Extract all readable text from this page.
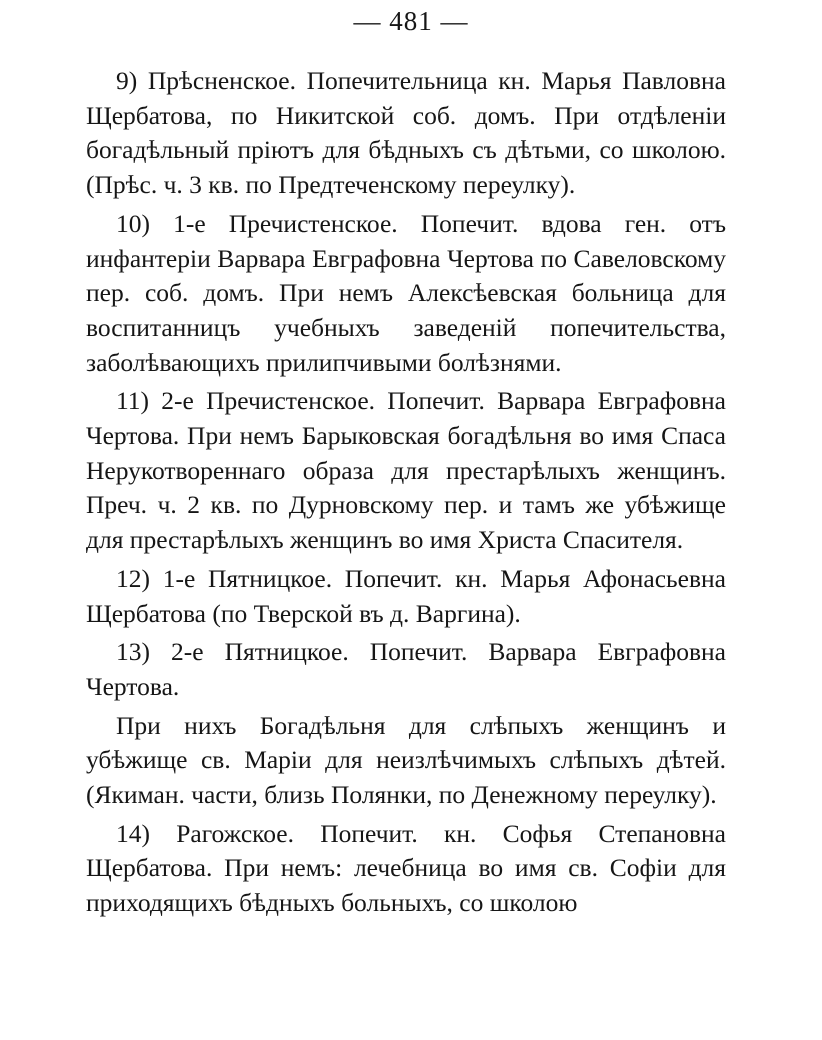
— 481 —

9) Прѣсненское. Попечительница кн. Марья Павловна Щербатова, по Никитской соб. домъ. При отдѣленіи богадѣльный пріютъ для бѣдныхъ съ дѣтьми, со школою. (Прѣс. ч. 3 кв. по Предтеченскому переулку).

10) 1-е Пречистенское. Попечит. вдова ген. отъ инфантеріи Варвара Евграфовна Чертова по Савеловскому пер. соб. домъ. При немъ Алексѣевская больница для воспитанницъ учебныхъ заведеній попечительства, заболѣвающихъ прилипчивыми болѣзнями.

11) 2-е Пречистенское. Попечит. Варвара Евграфовна Чертова. При немъ Барыковская богадѣльня во имя Спаса Нерукотвореннаго образа для престарѣлыхъ женщинъ. Преч. ч. 2 кв. по Дурновскому пер. и тамъ же убѣжище для престарѣлыхъ женщинъ во имя Христа Спасителя.

12) 1-е Пятницкое. Попечит. кн. Марья Афонасьевна Щербатова (по Тверской въ д. Варгина).

13) 2-е Пятницкое. Попечит. Варвара Евграфовна Чертова.

При нихъ Богадѣльня для слѣпыхъ женщинъ и убѣжище св. Маріи для неизлѣчимыхъ слѣпыхъ дѣтей. (Якиман. части, близь Полянки, по Денежному переулку).

14) Рагожское. Попечит. кн. Софья Степановна Щербатова. При немъ: лечебница во имя св. Софіи для приходящихъ бѣдныхъ больныхъ, со школою
